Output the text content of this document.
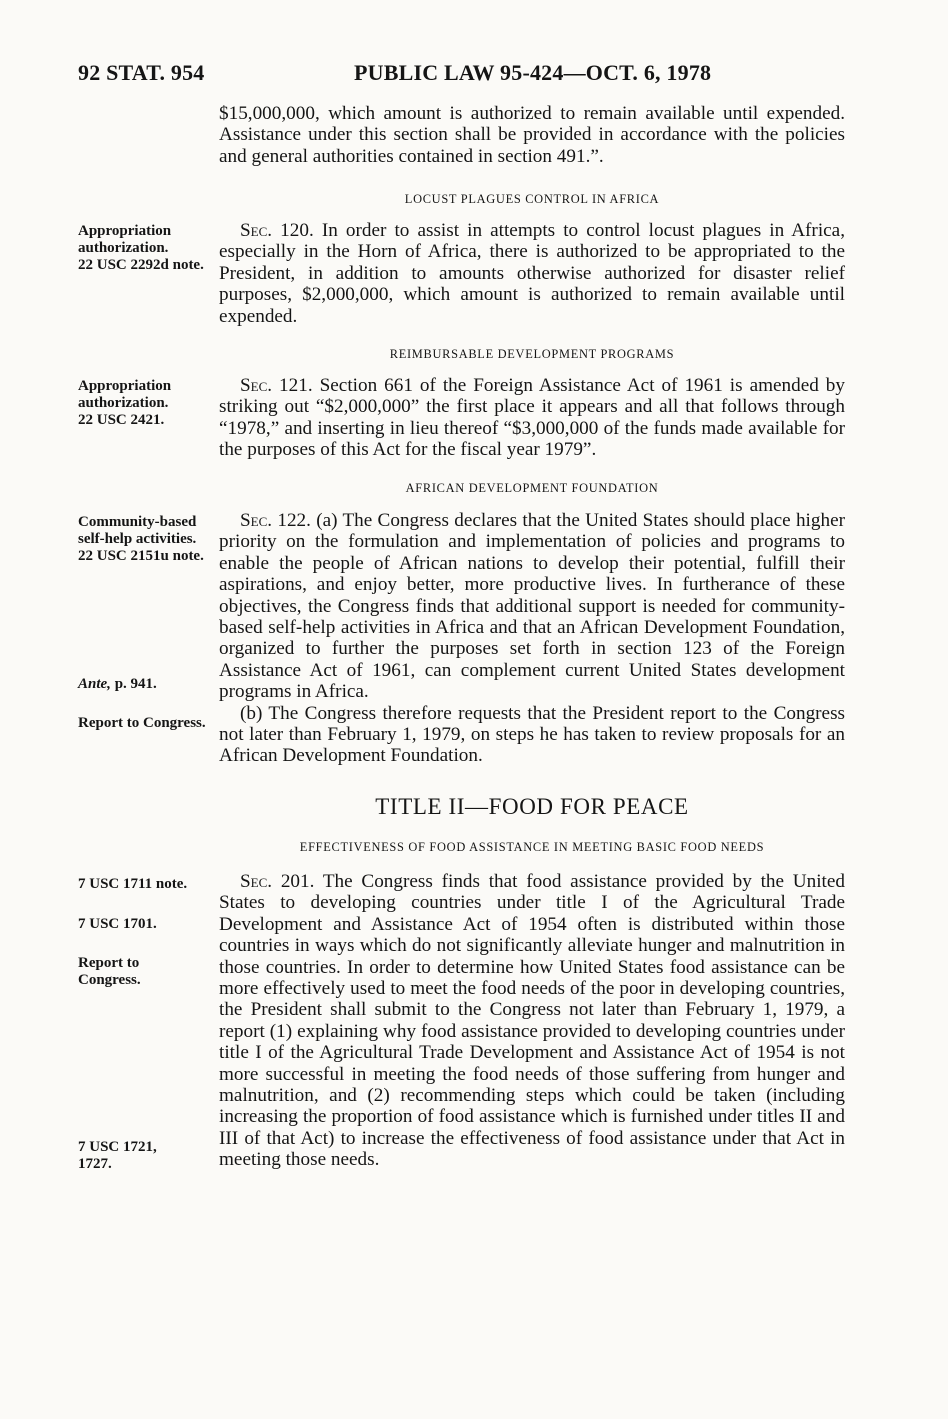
92 STAT. 954	PUBLIC LAW 95-424—OCT. 6, 1978
Appropriation authorization.
22 USC 2292d note.
Appropriation authorization.
22 USC 2421.
Community-based self-help activities.
22 USC 2151u note.
Ante, p. 941.
Report to Congress.
7 USC 1711 note.
7 USC 1701.
Report to Congress.
7 USC 1721, 1727.

$15,000,000, which amount is authorized to remain available until expended. Assistance under this section shall be provided in accordance with the policies and general authorities contained in section 491.”.

LOCUST PLAGUES CONTROL IN AFRICA

Sec. 120. In order to assist in attempts to control locust plagues in Africa, especially in the Horn of Africa, there is authorized to be appropriated to the President, in addition to amounts otherwise authorized for disaster relief purposes, $2,000,000, which amount is authorized to remain available until expended.

REIMBURSABLE DEVELOPMENT PROGRAMS

Sec. 121. Section 661 of the Foreign Assistance Act of 1961 is amended by striking out “$2,000,000” the first place it appears and all that follows through “1978,” and inserting in lieu thereof “$3,000,000 of the funds made available for the purposes of this Act for the fiscal year 1979”.

AFRICAN DEVELOPMENT FOUNDATION

Sec. 122. (a) The Congress declares that the United States should place higher priority on the formulation and implementation of policies and programs to enable the people of African nations to develop their potential, fulfill their aspirations, and enjoy better, more productive lives. In furtherance of these objectives, the Congress finds that additional support is needed for community-based self-help activities in Africa and that an African Development Foundation, organized to further the purposes set forth in section 123 of the Foreign Assistance Act of 1961, can complement current United States development programs in Africa.

(b) The Congress therefore requests that the President report to the Congress not later than February 1, 1979, on steps he has taken to review proposals for an African Development Foundation.

TITLE II—FOOD FOR PEACE
EFFECTIVENESS OF FOOD ASSISTANCE IN MEETING BASIC FOOD NEEDS

Sec. 201. The Congress finds that food assistance provided by the United States to developing countries under title I of the Agricultural Trade Development and Assistance Act of 1954 often is distributed within those countries in ways which do not significantly alleviate hunger and malnutrition in those countries. In order to determine how United States food assistance can be more effectively used to meet the food needs of the poor in developing countries, the President shall submit to the Congress not later than February 1, 1979, a report (1) explaining why food assistance provided to developing countries under title I of the Agricultural Trade Development and Assistance Act of 1954 is not more successful in meeting the food needs of those suffering from hunger and malnutrition, and (2) recommending steps which could be taken (including increasing the proportion of food assistance which is furnished under titles II and III of that Act) to increase the effectiveness of food assistance under that Act in meeting those needs.
